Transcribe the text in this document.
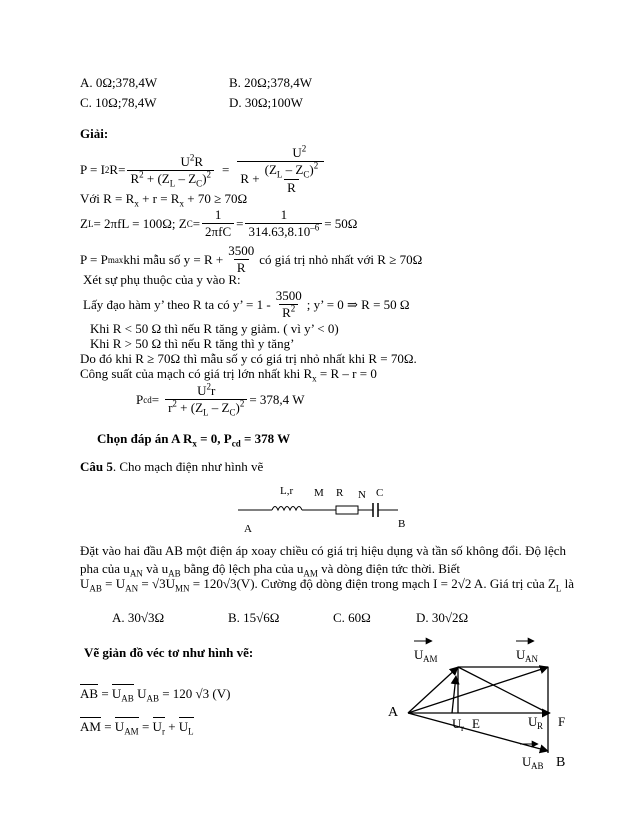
A. 0Ω;378,4W	B. 20Ω;378,4W
C. 10Ω;78,4W	D. 30Ω;100W
Giải:
P = I 2 $R= \frac{U^2R}{R^2 + (Z_L - Z_C)^2} = \frac{U^2}{R + \frac{(Z_L - Z_C)^2}{R}}$
Với $R = R_x + r = R_x + 70 \ge 70\Omega$
Z L = 2πfL = 100Ω; Z $C = \frac{1}{\text{2πfC}} = \frac{1}{314.63,8.10^{-6}} = 50\Omega$
P = P max khi mẫu số $y = R + \frac{3500}{R}$ có giá trị nhỏ nhất với R ≥ 70Ω
Xét sự phụ thuộc của y vào R:
Lấy đạo hàm y’ theo R ta có y’ = $1 - \frac{3500}{R^2}$ ; y’ = 0 ⇒ R = 50 Ω
Khi R < 50 Ω thì nếu R tăng y giảm. ( vì y’ < 0)
Khi R > 50 Ω thì nếu R tăng thì y tăng’
Do đó khi R ≥ 70Ω thì mẫu số y có giá trị nhỏ nhất khi R = 70Ω.
Công suất của mạch có giá trị lớn nhất khi $R_x = R - r = 0$
P cd = $\frac{U^2r}{r^2 + (Z_L - Z_C)^2} = 378,4$ W
Chọn đáp án A $R_x = 0$, $P_{cd} = 378$ W
Câu 5. Cho mạch điện như hình vẽ
L,r M R N C
A	B
Đặt vào hai đầu AB một điện áp xoay chiều có giá trị hiệu dụng và tần số không đổi. Độ lệch pha của $u_{AN}$ và $u_{AB}$ bằng độ lệch pha của $u_{AM}$ và dòng điện tức thời. Biết
$U_{AB} = U_{AN} = √3U_{MN} = 120√3(V)$. Cường độ dòng điện trong mạch I = 2√2 A. Giá trị của $Z_L$ là
A. 30√3Ω	B. 15√6Ω	C. 60Ω	D. 30√2Ω
Vẽ giản đồ véc tơ như hình vẽ:
AB = $U_{AB}$ $U_{AB} = 120$ √3 (V)
AM = $U_{AM} = U_r + U_L$
U AM	U AN
A
U r E	U R F
U AB B
